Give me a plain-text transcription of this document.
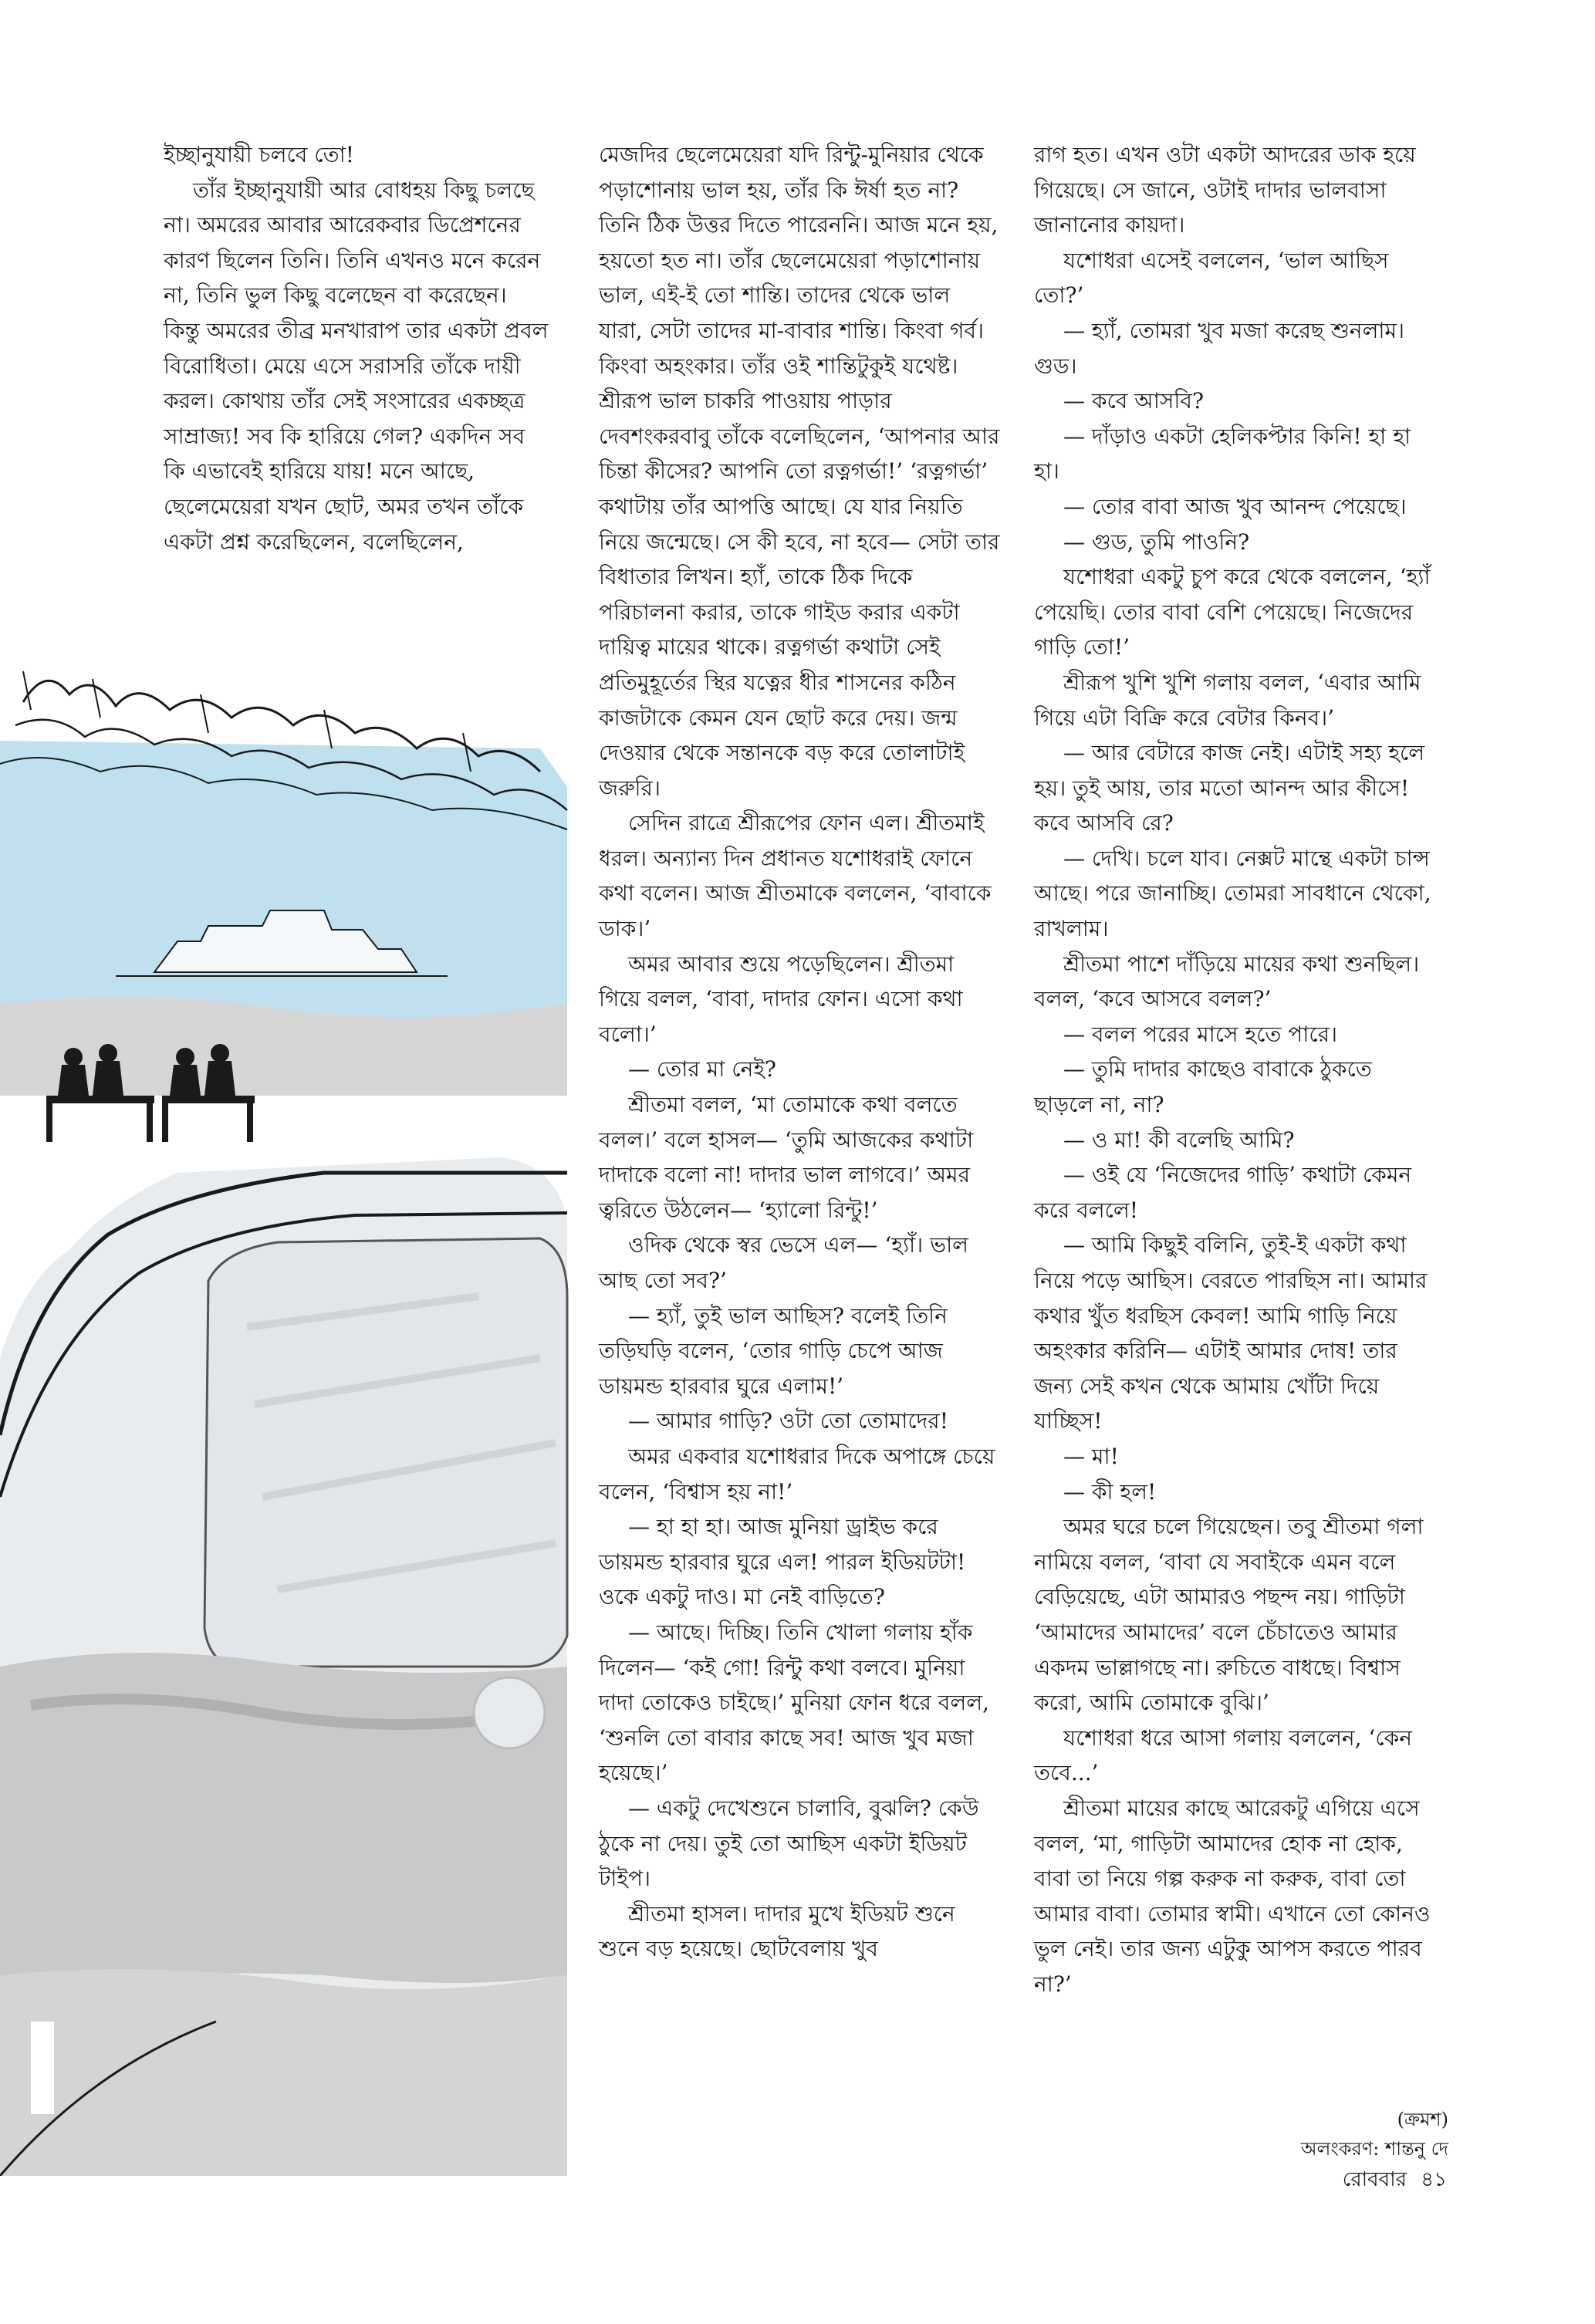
ইচ্ছানুযায়ী চলবে তো!

তাঁর ইচ্ছানুযায়ী আর বোধহয় কিছু চলছে না। অমরের আবার আরেকবার ডিপ্রেশনের কারণ ছিলেন তিনি। তিনি এখনও মনে করেন না, তিনি ভুল কিছু বলেছেন বা করেছেন। কিন্তু অমরের তীব্র মনখারাপ তার একটা প্রবল বিরোধিতা। মেয়ে এসে সরাসরি তাঁকে দায়ী করল। কোথায় তাঁর সেই সংসারের একচ্ছত্র সাম্রাজ্য! সব কি হারিয়ে গেল? একদিন সব কি এভাবেই হারিয়ে যায়! মনে আছে, ছেলেমেয়েরা যখন ছোট, অমর তখন তাঁকে একটা প্রশ্ন করেছিলেন, বলেছিলেন,

মেজদির ছেলেমেয়েরা যদি রিন্টু-মুনিয়ার থেকে পড়াশোনায় ভাল হয়, তাঁর কি ঈর্ষা হত না? তিনি ঠিক উত্তর দিতে পারেননি। আজ মনে হয়, হয়তো হত না। তাঁর ছেলেমেয়েরা পড়াশোনায় ভাল, এই-ই তো শান্তি। তাদের থেকে ভাল যারা, সেটা তাদের মা-বাবার শান্তি। কিংবা গর্ব। কিংবা অহংকার। তাঁর ওই শান্তিটুকুই যথেষ্ট। শ্রীরূপ ভাল চাকরি পাওয়ায় পাড়ার দেবশংকরবাবু তাঁকে বলেছিলেন, ‘আপনার আর চিন্তা কীসের? আপনি তো রত্নগর্ভা!’ ‘রত্নগর্ভা’ কথাটায় তাঁর আপত্তি আছে। যে যার নিয়তি নিয়ে জন্মেছে। সে কী হবে, না হবে— সেটা তার বিধাতার লিখন। হ্যাঁ, তাকে ঠিক দিকে পরিচালনা করার, তাকে গাইড করার একটা দায়িত্ব মায়ের থাকে। রত্নগর্ভা কথাটা সেই প্রতিমুহূর্তের স্থির যত্নের ধীর শাসনের কঠিন কাজটাকে কেমন যেন ছোট করে দেয়। জন্ম দেওয়ার থেকে সন্তানকে বড় করে তোলাটাই জরুরি।

সেদিন রাত্রে শ্রীরূপের ফোন এল। শ্রীতমাই ধরল। অন্যান্য দিন প্রধানত যশোধরাই ফোনে কথা বলেন। আজ শ্রীতমাকে বললেন, ‘বাবাকে ডাক।’

অমর আবার শুয়ে পড়েছিলেন। শ্রীতমা গিয়ে বলল, ‘বাবা, দাদার ফোন। এসো কথা বলো।’

— তোর মা নেই?

শ্রীতমা বলল, ‘মা তোমাকে কথা বলতে বলল।’ বলে হাসল— ‘তুমি আজকের কথাটা দাদাকে বলো না! দাদার ভাল লাগবে।’ অমর ত্বরিতে উঠলেন— ‘হ্যালো রিন্টু!’

ওদিক থেকে স্বর ভেসে এল— ‘হ্যাঁ। ভাল আছ তো সব?’

— হ্যাঁ, তুই ভাল আছিস? বলেই তিনি তড়িঘড়ি বলেন, ‘তোর গাড়ি চেপে আজ ডায়মন্ড হারবার ঘুরে এলাম!’

— আমার গাড়ি? ওটা তো তোমাদের!

অমর একবার যশোধরার দিকে অপাঙ্গে চেয়ে বলেন, ‘বিশ্বাস হয় না!’

— হা হা হা। আজ মুনিয়া ড্রাইভ করে ডায়মন্ড হারবার ঘুরে এল! পারল ইডিয়টটা! ওকে একটু দাও। মা নেই বাড়িতে?

— আছে। দিচ্ছি। তিনি খোলা গলায় হাঁক দিলেন— ‘কই গো! রিন্টু কথা বলবে। মুনিয়া দাদা তোকেও চাইছে।’ মুনিয়া ফোন ধরে বলল, ‘শুনলি তো বাবার কাছে সব! আজ খুব মজা হয়েছে।’

— একটু দেখেশুনে চালাবি, বুঝলি? কেউ ঠুকে না দেয়। তুই তো আছিস একটা ইডিয়ট টাইপ।

শ্রীতমা হাসল। দাদার মুখে ইডিয়ট শুনে শুনে বড় হয়েছে। ছোটবেলায় খুব

রাগ হত। এখন ওটা একটা আদরের ডাক হয়ে গিয়েছে। সে জানে, ওটাই দাদার ভালবাসা জানানোর কায়দা।

যশোধরা এসেই বললেন, ‘ভাল আছিস তো?’

— হ্যাঁ, তোমরা খুব মজা করেছ শুনলাম। গুড।

— কবে আসবি?

— দাঁড়াও একটা হেলিকপ্টার কিনি! হা হা হা।

— তোর বাবা আজ খুব আনন্দ পেয়েছে।

— গুড, তুমি পাওনি?

যশোধরা একটু চুপ করে থেকে বললেন, ‘হ্যাঁ পেয়েছি। তোর বাবা বেশি পেয়েছে। নিজেদের গাড়ি তো!’

শ্রীরূপ খুশি খুশি গলায় বলল, ‘এবার আমি গিয়ে এটা বিক্রি করে বেটার কিনব।’

— আর বেটারে কাজ নেই। এটাই সহ্য হলে হয়। তুই আয়, তার মতো আনন্দ আর কীসে! কবে আসবি রে?

— দেখি। চলে যাব। নেক্সট মান্থে একটা চান্স আছে। পরে জানাচ্ছি। তোমরা সাবধানে থেকো, রাখলাম।

শ্রীতমা পাশে দাঁড়িয়ে মায়ের কথা শুনছিল। বলল, ‘কবে আসবে বলল?’

— বলল পরের মাসে হতে পারে।

— তুমি দাদার কাছেও বাবাকে ঠুকতে ছাড়লে না, না?

— ও মা! কী বলেছি আমি?

— ওই যে ‘নিজেদের গাড়ি’ কথাটা কেমন করে বললে!

— আমি কিছুই বলিনি, তুই-ই একটা কথা নিয়ে পড়ে আছিস। বেরতে পারছিস না। আমার কথার খুঁত ধরছিস কেবল! আমি গাড়ি নিয়ে অহংকার করিনি— এটাই আমার দোষ! তার জন্য সেই কখন থেকে আমায় খোঁটা দিয়ে যাচ্ছিস!

— মা!

— কী হল!

অমর ঘরে চলে গিয়েছেন। তবু শ্রীতমা গলা নামিয়ে বলল, ‘বাবা যে সবাইকে এমন বলে বেড়িয়েছে, এটা আমারও পছন্দ নয়। গাড়িটা ‘আমাদের আমাদের’ বলে চেঁচাতেও আমার একদম ভাল্লাগছে না। রুচিতে বাধছে। বিশ্বাস করো, আমি তোমাকে বুঝি।’

যশোধরা ধরে আসা গলায় বললেন, ‘কেন তবে...’

শ্রীতমা মায়ের কাছে আরেকটু এগিয়ে এসে বলল, ‘মা, গাড়িটা আমাদের হোক না হোক, বাবা তা নিয়ে গল্প করুক না করুক, বাবা তো আমার বাবা। তোমার স্বামী। এখানে তো কোনও ভুল নেই। তার জন্য এটুকু আপস করতে পারব না?’

(ক্রমশ)
অলংকরণ: শান্তনু দে
রোববার ৪১
